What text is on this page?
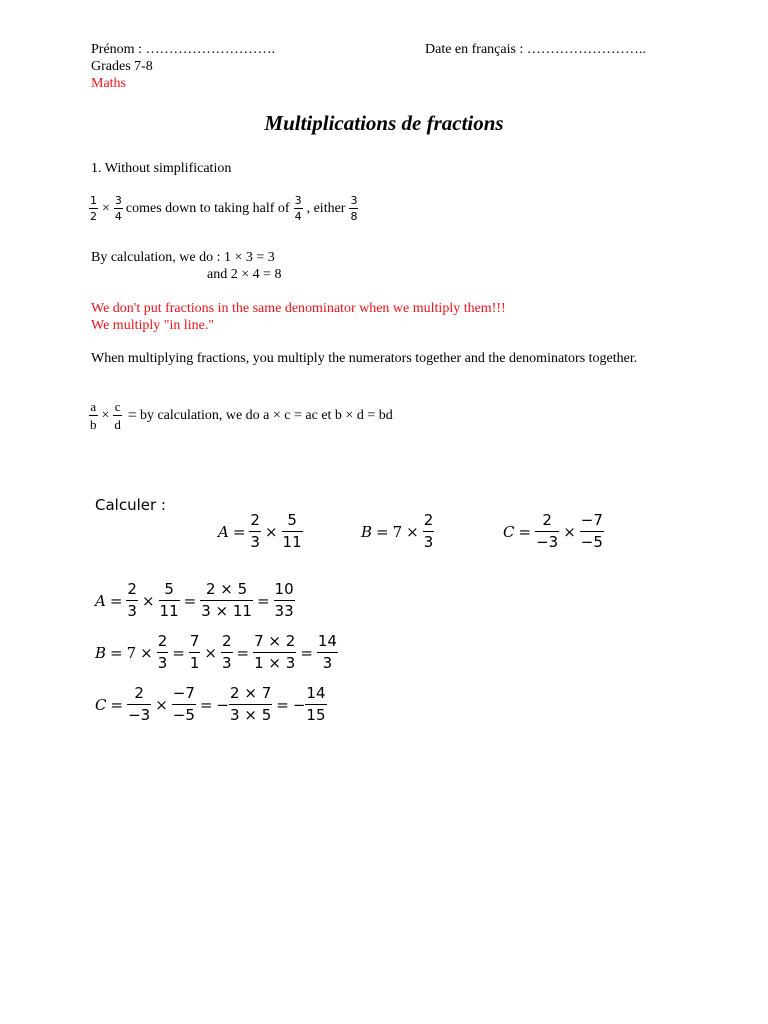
Prénom : ……………………….	Date en français : ……………………..
Grades 7-8
Maths
Multiplications de fractions
1. Without simplification
$\frac{1}{2} \times \frac{3}{4}$ comes down to taking half of $\frac{3}{4}$ , either $\frac{3}{8}$
By calculation, we do : 1 × 3 = 3
and 2 × 4 = 8
We don't put fractions in the same denominator when we multiply them!!!
We multiply "in line."
When multiplying fractions, you multiply the numerators together and the denominators together.
$\frac{a}{b} \times \frac{c}{d}$ = by calculation, we do a × c = ac et b × d = bd
Calculer :
$A = \frac{2}{3} \times \frac{5}{11}$	$B = 7 \times \frac{2}{3}$	$C = \frac{2}{-3} \times \frac{-7}{-5}$
$A = \frac{2}{3} \times \frac{5}{11} = \frac{2 \times 5}{3 \times 11} = \frac{10}{33}$
$B = 7 \times \frac{2}{3} = \frac{7}{1} \times \frac{2}{3} = \frac{7 \times 2}{1 \times 3} = \frac{14}{3}$
$C = \frac{2}{-3} \times \frac{-7}{-5}$ = − $\frac{2 \times 7}{3 \times 5}$ = − $\frac{14}{15}$
